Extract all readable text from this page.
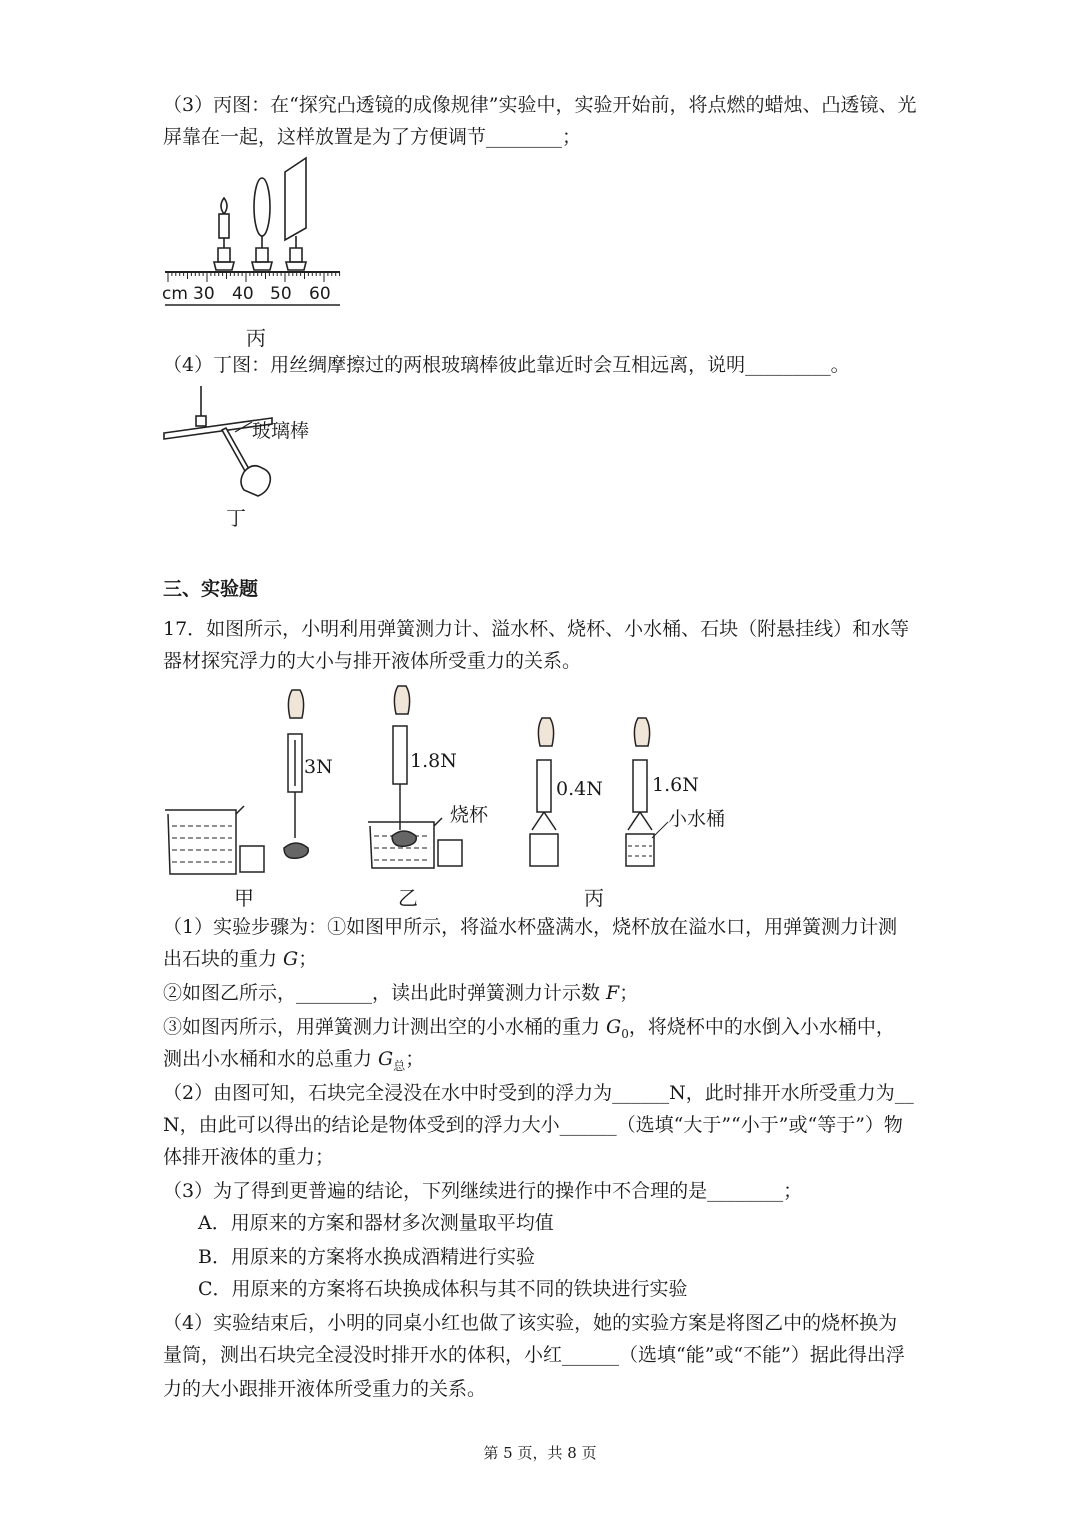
（3）丙图：在“探究凸透镜的成像规律”实验中，实验开始前，将点燃的蜡烛、凸透镜、光

屏靠在一起，这样放置是为了方便调节________；

cm 30 40 50 60
丙

（4）丁图：用丝绸摩擦过的两根玻璃棒彼此靠近时会互相远离，说明_________。

玻璃棒
丁
三、实验题

17．如图所示，小明利用弹簧测力计、溢水杯、烧杯、小水桶、石块（附悬挂线）和水等

器材探究浮力的大小与排开液体所受重力的关系。

3N	1.8N
0.4N	1.6N
烧杯	小水桶
甲	乙	丙

（1）实验步骤为：①如图甲所示，将溢水杯盛满水，烧杯放在溢水口，用弹簧测力计测

出石块的重力 G；

②如图乙所示，________，读出此时弹簧测力计示数 F；

③如图丙所示，用弹簧测力计测出空的小水桶的重力 $G_0$，将烧杯中的水倒入小水桶中，

测出小水桶和水的总重力 $G_总$；

（2）由图可知，石块完全浸没在水中时受到的浮力为______N，此时排开水所受重力为__

N，由此可以得出的结论是物体受到的浮力大小______（选填“大于”“小于”或“等于”）物

体排开液体的重力；

（3）为了得到更普遍的结论，下列继续进行的操作中不合理的是________；

A．用原来的方案和器材多次测量取平均值

B．用原来的方案将水换成酒精进行实验

C．用原来的方案将石块换成体积与其不同的铁块进行实验

（4）实验结束后，小明的同桌小红也做了该实验，她的实验方案是将图乙中的烧杯换为

量筒，测出石块完全浸没时排开水的体积，小红______（选填“能”或“不能”）据此得出浮

力的大小跟排开液体所受重力的关系。

第 5 页，共 8 页
